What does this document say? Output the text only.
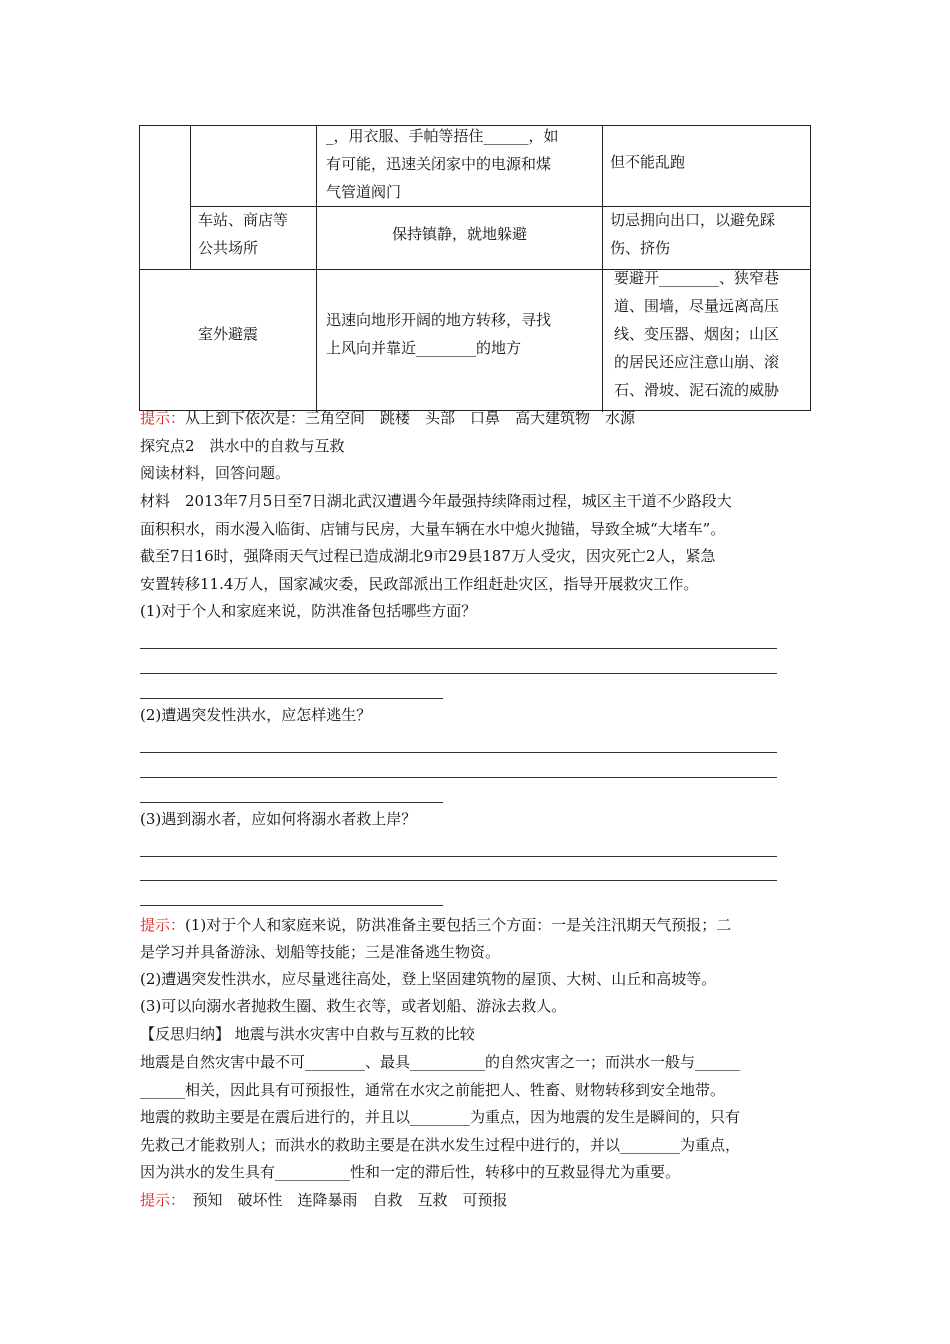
_，用衣服、手帕等捂住______，如
有可能，迅速关闭家中的电源和煤
气管道阀门
但不能乱跑
车站、商店等
公共场所
保持镇静，就地躲避
切忌拥向出口，以避免踩
伤、挤伤
室外避震
迅速向地形开阔的地方转移，寻找
上风向并靠近________的地方
要避开________、狭窄巷
道、围墙，尽量远离高压
线、变压器、烟囱；山区
的居民还应注意山崩、滚
石、滑坡、泥石流的威胁
提示：从上到下依次是：三角空间　跳楼　头部　口鼻　高大建筑物　水源
探究点2　洪水中的自救与互救
阅读材料，回答问题。
材料　2013年7月5日至7日湖北武汉遭遇今年最强持续降雨过程，城区主干道不少路段大
面积积水，雨水漫入临街、店铺与民房，大量车辆在水中熄火抛锚，导致全城“大堵车”。
截至7日16时，强降雨天气过程已造成湖北9市29县187万人受灾，因灾死亡2人，紧急
安置转移11.4万人，国家减灾委，民政部派出工作组赶赴灾区，指导开展救灾工作。
(1)对于个人和家庭来说，防洪准备包括哪些方面？
(2)遭遇突发性洪水，应怎样逃生？
(3)遇到溺水者，应如何将溺水者救上岸？
提示：(1)对于个人和家庭来说，防洪准备主要包括三个方面：一是关注汛期天气预报；二
是学习并具备游泳、划船等技能；三是准备逃生物资。
(2)遭遇突发性洪水，应尽量逃往高处，登上坚固建筑物的屋顶、大树、山丘和高坡等。
(3)可以向溺水者抛救生圈、救生衣等，或者划船、游泳去救人。
【反思归纳】 地震与洪水灾害中自救与互救的比较
地震是自然灾害中最不可________、最具__________的自然灾害之一；而洪水一般与______
______相关，因此具有可预报性，通常在水灾之前能把人、牲畜、财物转移到安全地带。
地震的救助主要是在震后进行的，并且以________为重点，因为地震的发生是瞬间的，只有
先救己才能救别人；而洪水的救助主要是在洪水发生过程中进行的，并以________为重点，
因为洪水的发生具有__________性和一定的滞后性，转移中的互救显得尤为重要。
提示：　预知　破坏性　连降暴雨　自救　互救　可预报
